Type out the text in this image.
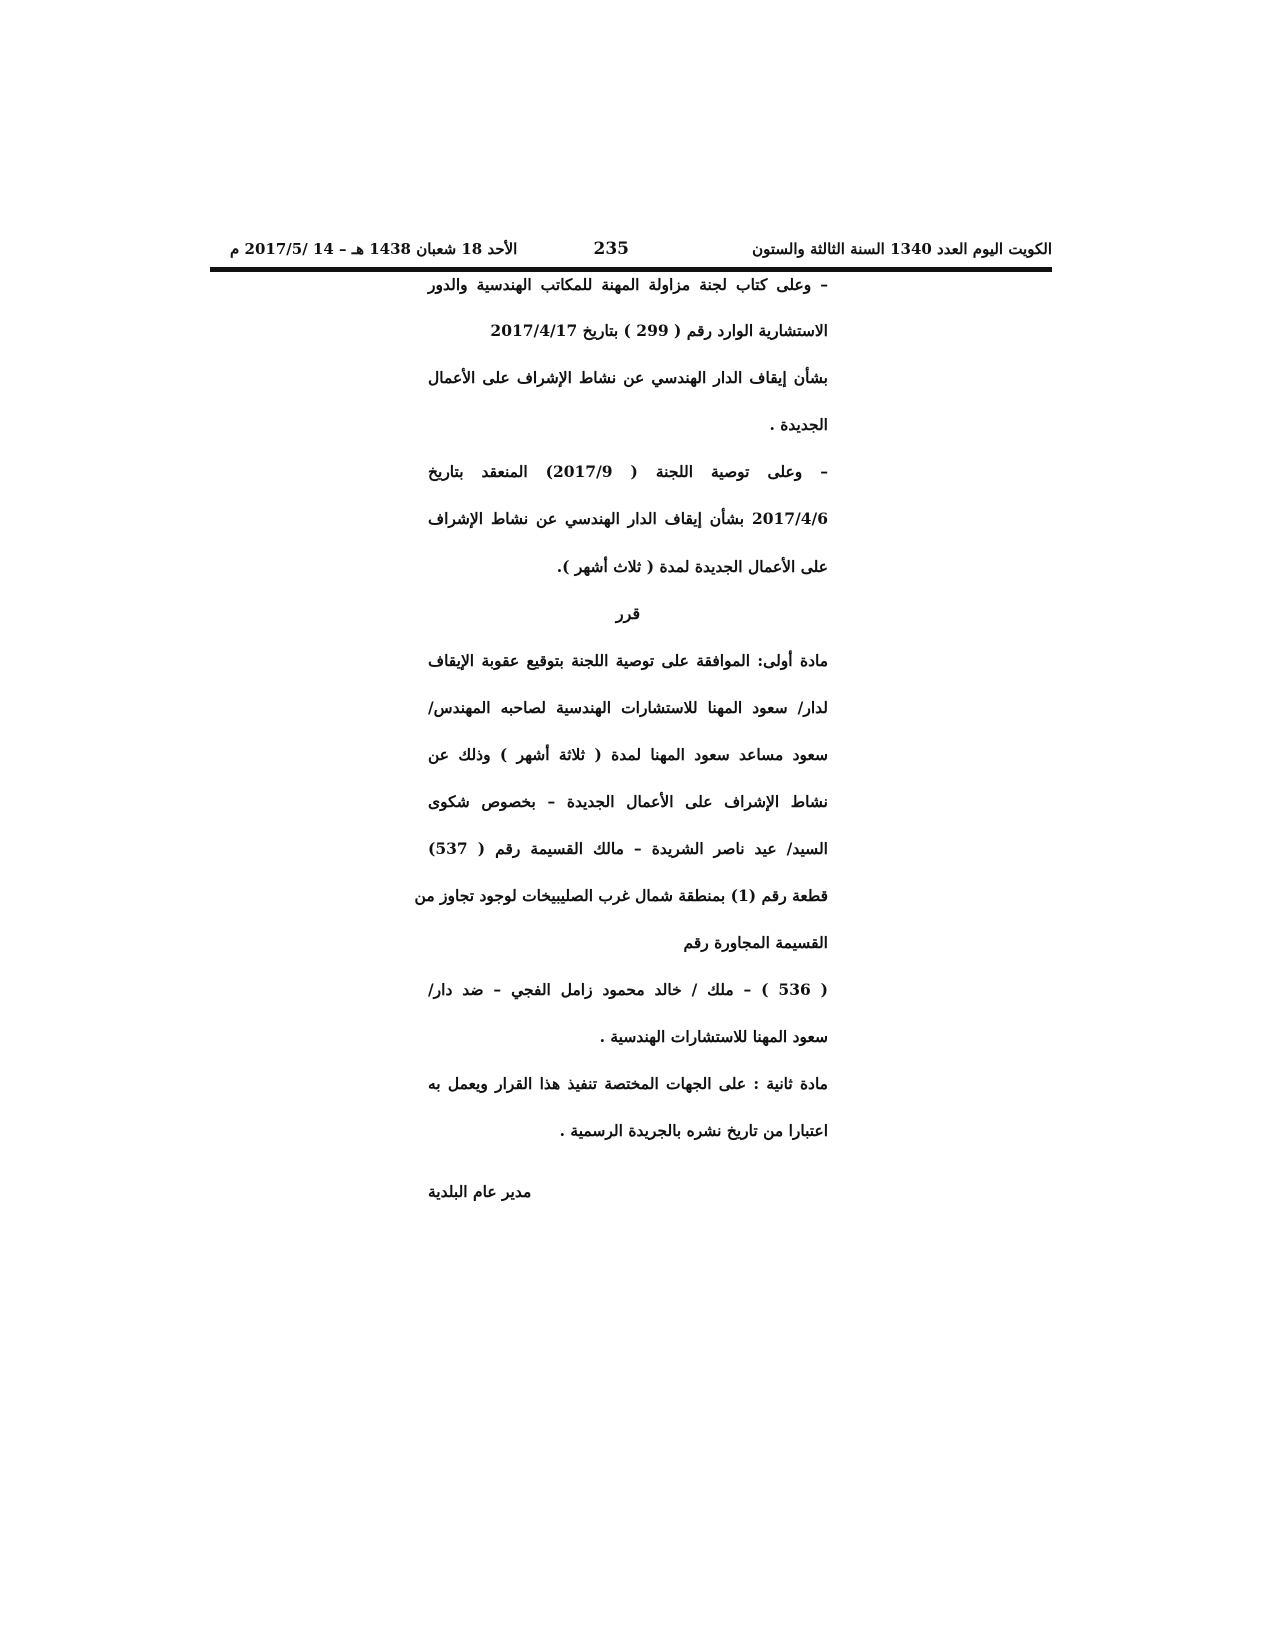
الكويت اليوم العدد 1340 السنة الثالثة والستون
235
الأحد 18 شعبان 1438 هـ – 14 /2017/5 م
– وعلى كتاب لجنة مزاولة المهنة للمكاتب الهندسية والدور
الاستشارية الوارد رقم ( 299 ) بتاريخ 2017/4/17
بشأن إيقاف الدار الهندسي عن نشاط الإشراف على الأعمال
الجديدة .
– وعلى توصية اللجنة ( 2017/9) المنعقد بتاريخ
2017/4/6 بشأن إيقاف الدار الهندسي عن نشاط الإشراف
على الأعمال الجديدة لمدة ( ثلاث أشهر ).
قرر
مادة أولى: الموافقة على توصية اللجنة بتوقيع عقوبة الإيقاف
لدار/ سعود المهنا للاستشارات الهندسية لصاحبه المهندس/
سعود مساعد سعود المهنا لمدة ( ثلاثة أشهر ) وذلك عن
نشاط الإشراف على الأعمال الجديدة – بخصوص شكوى
السيد/ عيد ناصر الشريدة – مالك القسيمة رقم ( 537)
قطعة رقم (1) بمنطقة شمال غرب الصليبيخات لوجود تجاوز من
القسيمة المجاورة رقم
( 536 ) – ملك / خالد محمود زامل الفجي – ضد دار/
سعود المهنا للاستشارات الهندسية .
مادة ثانية : على الجهات المختصة تنفيذ هذا القرار ويعمل به
اعتبارا من تاريخ نشره بالجريدة الرسمية .
مدير عام البلدية
